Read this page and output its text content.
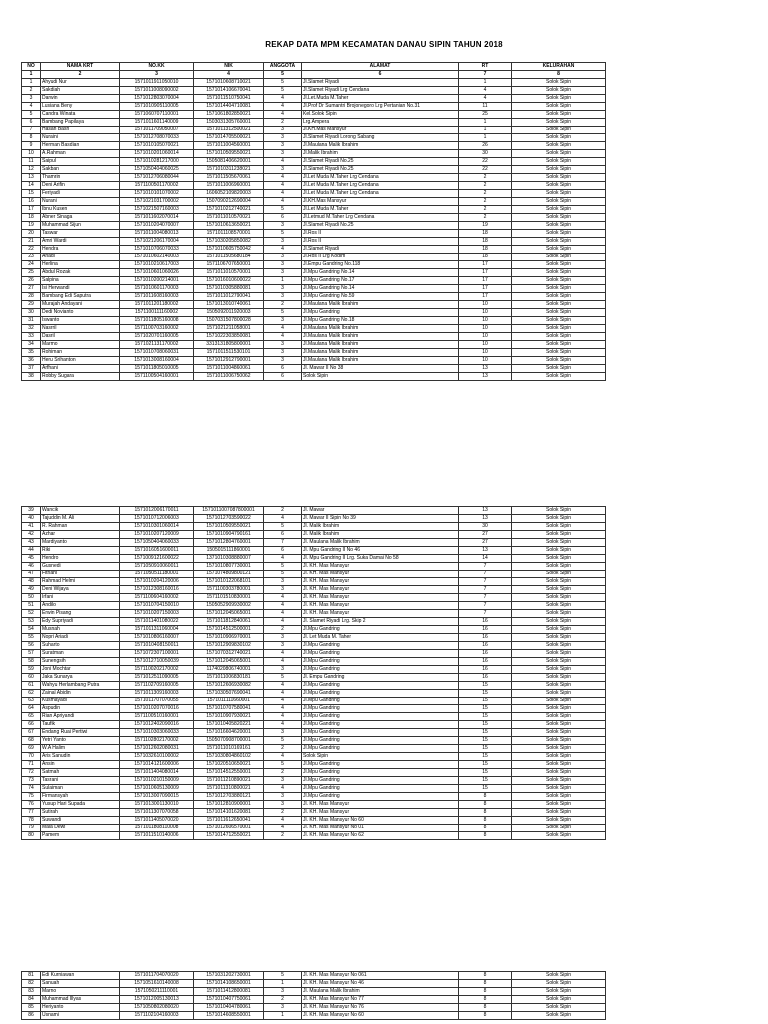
REKAP DATA MPM KECAMATAN DANAU SIPIN TAHUN 2018
NO	NAMA KRT	NO.KK	NIK	ANGGOTA	ALAMAT	RT	KELURAHAN
1	2	3	4	5	6	7	8
1	Ahyudi Nur	1571011911050010	1571010608710021	5	Jl.Slamet Riyadi	1	Solok Sipin
2	Sakdiah	1571011008090002	1571014106670041	5	Jl.Slamet Riyadi Lrg Cendana	4	Solok Sipin
3	Darwin	1571012803070004	1571011510750041	4	Jl.Let.Muda M.Taher	4	Solok Sipin
4	Lusiana Beny	1571010905110005	1571014404710081	4	Jl.Prof Dr Sumantri Brojonegoro Lrg Pertanian No.31	11	Solok Sipin
5	Candra Winata	1571060707110001	1571061802850021	4	Kel.Solok Sipin	25	Solok Sipin
6	Bambang Papilaya	1571011601140009	1503031305760001	2	Lrg.Ampera	1	Solok Sipin
7	Hasan Basri	1571011709050007	1571011312500021	3	Jl.KH.Mas Mansyur	1	Solok Sipin
8	Nuraini	1571012708070033	1571014705500021	3	Jl.Slamet Riyadi Lorong Sabang	1	Solok Sipin
9	Herman Basdian	1571010105070021	1571011004560001	3	Jl.Maulana Malik Ibrahim	26	Solok Sipin
10	A.Rahman	1571010201060014	1571010509550021	3	Jl.Malik Ibrahim	30	Solok Sipin
11	Saipul	1571010281217000	1505081406620001	4	Jl.Slamet Riyadi No.25	22	Solok Sipin
12	Sakban	1571050404060025	1571010311238021	3	Jl.Slamet Riyadi No.25	22	Solok Sipin
13	Thamrin	1571012706080044	1571011505670061	4	Jl.Let Muda M.Taher Lrg Cendana	2	Solok Sipin
14	Deni Arifin	1571100501170002	1571011006960001	4	Jl.Let Muda M.Taher Lrg Cendana	2	Solok Sipin
15	Feriyadi	1571010101070002	1606052109820003	4	Jl.Let Muda M.Taher Lrg Cendana	2	Solok Sipin
16	Nurani	1571021031700002	1507090212690004	4	Jl.KH.Mas Mansyur	2	Solok Sipin
17	Ibnu Kusen	1571021507160003	1571010212740021	5	Jl.Let Muda M.Taher	2	Solok Sipin
18	Abner Sinaga	1571011602070014	1571011010570021	6	Jl.Letmud M.Taher Lrg Cendana	2	Solok Sipin
19	Muhammad Sijun	1571010204070007	1571010613650021	3	Jl.Slamet Riyadi No.25	19	Solok Sipin
20	Taswar	1571011004080013	1571011108570001	5	Jl.Ros II	18	Solok Sipin
21	Amri Wardi	1571021206170004	1571030205850082	3	Jl.Ros II	18	Solok Sipin
22	Hendra	1571010706070033	1571010605750042	4	Jl.Slamet Riyadi	18	Solok Sipin
23	Ariadi	1571010602140003	1571011505680184	3	Jl.Ros II Lrg Kodim	18	Solok Sipin
24	Herlina	1571010210617003	1571106707650001	3	Jl.Empu Gandring No.118	17	Solok Sipin
25	Abdul Rozak	1571010601060026	1571011010570001	3	Jl.Mpu Gandring No.14	17	Solok Sipin
26	Salpina	1571010200214001	1571016010600022	1	Jl.Mpu Gandring No.17	17	Solok Sipin
27	Isi Herwandi	1571010601170003	1571010305880081	3	Jl.Mpu Gandring No.14	17	Solok Sipin
28	Bambang Edi Saputra	1571011608160003	1571011012790041	3	Jl.Mpu Gandring No.59	17	Solok Sipin
29	Murajah Andayani	1571011201180002	1571013010740061	2	Jl.Maulana Malik Ibrahim	10	Solok Sipin
30	Dedi Novianto	1571100111160002	1505092011920003	5	Jl.Mpu Gandring	10	Solok Sipin
31	Iswanto	1571011805160008	1507031507800028	3	Jl.Mpu Gandring No.18	10	Solok Sipin
32	Nasrril	1571100703160002	1571021211058001	4	Jl.Maulana Malik Ibrahim	10	Solok Sipin
33	Dasril	1571020701160005	1571022303850081	4	Jl.Maulana Malik Ibrahim	10	Solok Sipin
34	Marmo	1571021131170002	3313131805800001	3	Jl.Maulana Malik Ibrahim	10	Solok Sipin
35	Rohiman	1571010708060031	1571011511530101	3	Jl.Maulana Malik Ibrahim	10	Solok Sipin
36	Heru Srihanton	1571013008160004	1571012912790001	3	Jl.Maulana Malik Ibrahim	10	Solok Sipin
37	Arfhani	1571011805010005	1571011004860061	6	Jl. Mawar II No 38	13	Solok Sipin
38	Robby Sugara	1571100504160001	1571011006750062	6	Solok Sipin	13	Solok Sipin
39	Wancik	1571012006170011	1571011007087800001	2	Jl. Mawar	13	Solok Sipin
40	Tajuddin M. Ali	1571010712006003	1571012703590022	4	Jl. Mawar II Sipin No 39	13	Solok Sipin
41	R. Rahman	1571010301060014	1571010509550021	5	Jl. Malik Ibrahim	30	Solok Sipin
42	Azhar	1571010207120009	1571010904790161	6	Jl. Malik Ibrahim	27	Solok Sipin
43	Mardiyanto	1571050404060033	1571012804760001	7	Jl. Maulana Malik Ibrahim	27	Solok Sipin
44	Riki	1571016051600011	1505015111860001	6	Jl. Mpu Gandring II No 46	13	Solok Sipin
45	Hendro	1571009121600022	1371010308880007	4	Jl. Mpu Gandring II Lrg. Suka Damai No 58	14	Solok Sipin
46	Gusnedi	1571050910060011	1571010807730001	5	Jl. KH. Mas Mansyur	7	Solok Sipin
47	Fitriani	1571050511180001	1571074809800121	5	Jl. KH. Mas Mansyur	7	Solok Sipin
48	Rahmad Helmi	1571010204120006	1571010122068101	3	Jl. KH. Mas Mansyur	7	Solok Sipin
49	Deni Wijaya	1571012308160016	1571100303780001	3	Jl. KH. Mas Mansyur	7	Solok Sipin
50	Irfani	1571100604160002	1571101510830001	4	Jl. KH. Mas Mansyur	7	Solok Sipin
51	Andilo	1571010704150010	1505052909930002	4	Jl. KH. Mas Mansyur	7	Solok Sipin
52	Erwin Pisang	1571010207150003	1571012045065001	4	Jl. KH. Mas Mansyur	7	Solok Sipin
53	Edy Supriyadi	1571011401080022	1571011812840061	4	Jl. Slamet Riyadi Lrg. Skip 2	16	Solok Sipin
54	Musnah	1571011311060004	1571014512500001	2	Jl.Mpu Gandring	16	Solok Sipin
55	Nopri Ariadi	1571010806160007	1571010906970001	3	Jl. Let Muda M. Taher	16	Solok Sipin
56	Suharto	1571010408150011	1571012909830102	3	Jl.Mpu Gandring	16	Solok Sipin
57	Suratman	1571072307100001	1571070312740021	4	Jl.Mpu Gandring	16	Solok Sipin
58	Sunengsih	1571012710050039	1571012045065001	4	Jl.Mpu Gandring	16	Solok Sipin
59	Joni Mochtar	1571100202170002	1174020806740001	3	Jl.Mpu Gandring	16	Solok Sipin
60	Jaka Sunarya	1571012511090005	1571011006830181	5	Jl. Empu Gandring	16	Solok Sipin
61	Wahyu Herlambang Putra	1571102709160005	1571012606930082	4	Jl.Mpu Gandring	15	Solok Sipin
62	Zainal Abidin	1571011309160003	1571030507690041	4	Jl.Mpu Gandring	15	Solok Sipin
63	Kusmayadi	1571011707070055	1571011111660001	4	Jl.Mpu Gandring	15	Solok Sipin
64	Aspudin	1571010207070016	1571010707580041	4	Jl.Mpu Gandring	15	Solok Sipin
65	Rian Apriyandi	1571100510160001	1571010907930021	4	Jl.Mpu Gandring	15	Solok Sipin
66	Taufik	1571012402090016	1571010405820221	4	Jl.Mpu Gandring	15	Solok Sipin
67	Endang Ruai Pertiwi	1571010303060033	1571016604620001	3	Jl.Mpu Gandring	15	Solok Sipin
68	Yetri Yanto	1571102802170002	1505070908700001	5	Jl.Mpu Gandring	15	Solok Sipin
69	W.A Halim	1571012602080031	1571011010169161	2	Jl.Mpu Gandring	15	Solok Sipin
70	Aris Sanudin	1571032610100002	1571030804860102	4	Solok Sipin	15	Solok Sipin
71	Ansin	1571014121600006	1571020510650021	5	Jl.Mpu Gandring	15	Solok Sipin
72	Satmah	1571011404080014	1571014512550001	2	Jl.Mpu Gandring	15	Solok Sipin
73	Tasrani	1571010210150009	1571011210890021	3	Jl.Mpu Gandring	15	Solok Sipin
74	Sulaiman	1571010605130009	1571011310800021	4	Jl.Mpu Gandring	15	Solok Sipin
75	Firmansyah	1571013007090015	1571012703880121	3	Jl.Mpu Gandring	8	Solok Sipin
76	Yusup Hari Supada	1571013001130010	1571012810900001	3	Jl. KH. Mas Mansyur	8	Solok Sipin
77	Sutirah	1571011307070058	1571014101620081	2	Jl. KH. Mas Mansyur	8	Solok Sipin
78	Suwandi	1571011405070020	1571011612650041	4	Jl. KH. Mas Mansyur No 60	8	Solok Sipin
79	Mala Dewi	1571011808110008	1571012606570001	4	Jl. KH. Mas Mansyur No 01	8	Solok Sipin
80	Pamem	1571011510140006	1571014712550021	2	Jl. KH. Mas Mansyur No 62	8	Solok Sipin
81	Edi Kurniawan	1571011704070020	1571031202730001	5	Jl. KH. Mas Mansyur No 061	8	Solok Sipin
82	Sanuah	1571051610140008	1571014108650001	1	Jl. KH. Mas Mansyur No 46	8	Solok Sipin
83	Marno	1571050211110001	1571011412800081	3	Jl. Maulana Malik Ibrahim	8	Solok Sipin
84	Muhammad Illyas	1571012005130013	1571010407750061	2	Jl. KH. Mas Mansyur No 77	8	Solok Sipin
85	Heriyanto	1571050802080020	1571010404780061	3	Jl. KH. Mas Mansyur No 76	8	Solok Sipin
86	Usnami	1571102104160003	1571014608550001	1	Jl. KH. Mas Mansyur No 60	8	Solok Sipin
